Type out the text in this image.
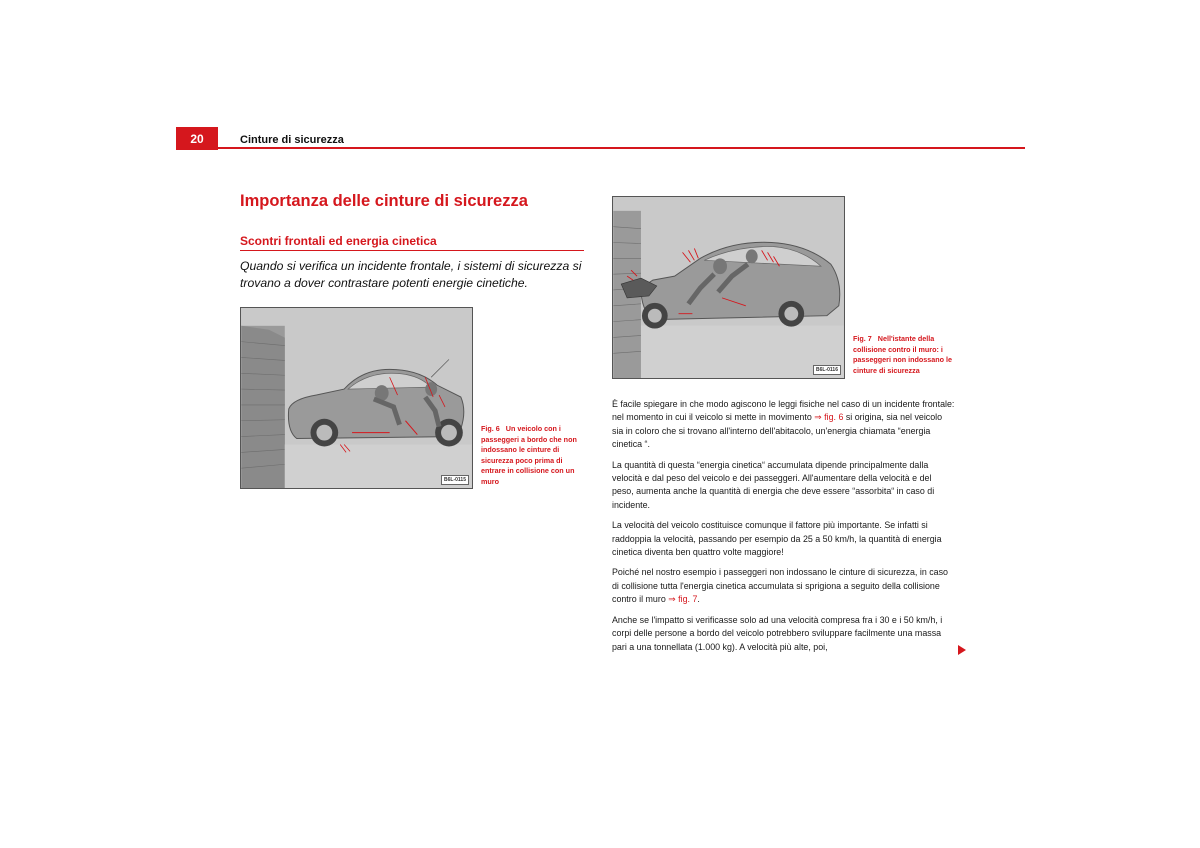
20	Cinture di sicurezza
Importanza delle cinture di sicurezza
Scontri frontali ed energia cinetica

Quando si verifica un incidente frontale, i sistemi di sicurezza si trovano a dover contrastare potenti energie cinetiche.

B6L-0115
Fig. 6 Un veicolo con i passeggeri a bordo che non indossano le cinture di sicurezza poco prima di entrare in collisione con un muro
B6L-0116
Fig. 7 Nell'istante della collisione contro il muro: i passeggeri non indossano le cinture di sicurezza

È facile spiegare in che modo agiscono le leggi fisiche nel caso di un incidente frontale: nel momento in cui il veicolo si mette in movimento ⇒ fig. 6 si origina, sia nel veicolo sia in coloro che si trovano all'interno dell'abitacolo, un'energia chiamata “energia cinetica “.

La quantità di questa “energia cinetica“ accumulata dipende principalmente dalla velocità e dal peso del veicolo e dei passeggeri. All'aumentare della velocità e del peso, aumenta anche la quantità di energia che deve essere “assorbita“ in caso di incidente.

La velocità del veicolo costituisce comunque il fattore più importante. Se infatti si raddoppia la velocità, passando per esempio da 25 a 50 km/h, la quantità di energia cinetica diventa ben quattro volte maggiore!

Poiché nel nostro esempio i passeggeri non indossano le cinture di sicurezza, in caso di collisione tutta l'energia cinetica accumulata si sprigiona a seguito della collisione contro il muro ⇒ fig. 7.

Anche se l'impatto si verificasse solo ad una velocità compresa fra i 30 e i 50 km/h, i corpi delle persone a bordo del veicolo potrebbero sviluppare facilmente una massa pari a una tonnellata (1.000 kg). A velocità più alte, poi,
